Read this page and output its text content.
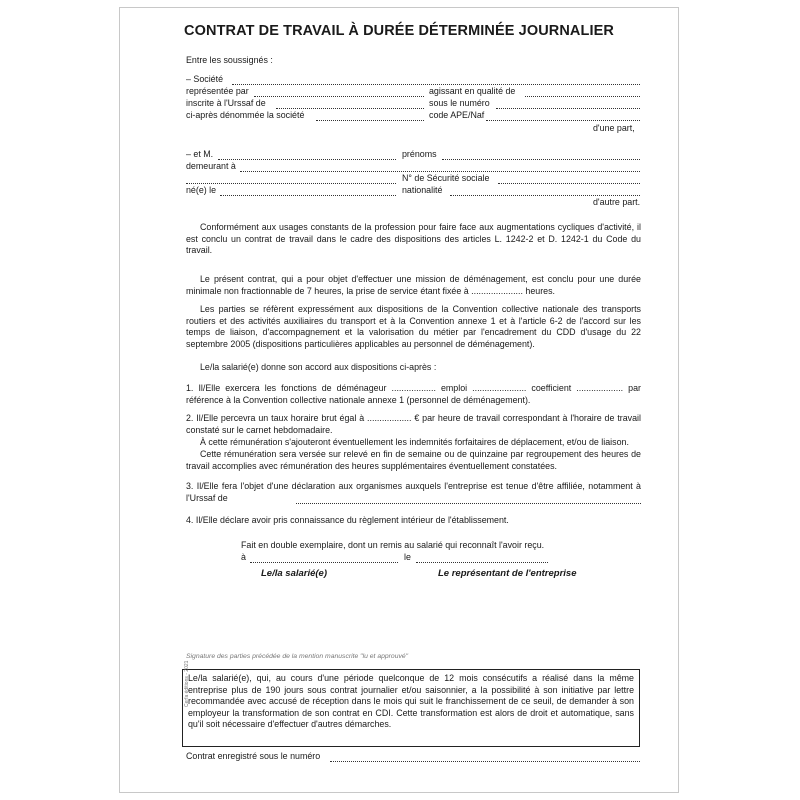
CONTRAT DE TRAVAIL À DURÉE DÉTERMINÉE JOURNALIER
Entre les soussignés :
– Société
représentée par	agissant en qualité de
inscrite à l'Urssaf de	sous le numéro
ci-après dénommée la société	code APE/Naf
d'une part,
– et M.	prénoms
demeurant à
N° de Sécurité sociale
né(e) le	nationalité
d'autre part.
Conformément aux usages constants de la profession pour faire face aux augmentations cycliques d'activité, il est conclu un contrat de travail dans le cadre des dispositions des articles L. 1242-2 et D. 1242-1 du Code du travail.
Le présent contrat, qui a pour objet d'effectuer une mission de déménagement, est conclu pour une durée minimale non fractionnable de 7 heures, la prise de service étant fixée à ..................... heures.
Les parties se réfèrent expressément aux dispositions de la Convention collective nationale des transports routiers et des activités auxiliaires du transport et à la Convention annexe 1 et à l'article 6-2 de l'accord sur les temps de liaison, d'accompagnement et la valorisation du métier par l'encadrement du CDD d'usage du 22 septembre 2005 (dispositions particulières applicables au personnel de déménagement).
Le/la salarié(e) donne son accord aux dispositions ci-après :
1. Il/Elle exercera les fonctions de déménageur .................. emploi ...................... coefficient ................... par référence à la Convention collective nationale annexe 1 (personnel de déménagement).
2. Il/Elle percevra un taux horaire brut égal à .................. € par heure de travail correspondant à l'horaire de travail constaté sur le carnet hebdomadaire.
À cette rémunération s'ajouteront éventuellement les indemnités forfaitaires de déplacement, et/ou de liaison.
Cette rémunération sera versée sur relevé en fin de semaine ou de quinzaine par regroupement des heures de travail accomplies avec rémunération des heures supplémentaires éventuellement constatées.
3. Il/Elle fera l'objet d'une déclaration aux organismes auxquels l'entreprise est tenue d'être affiliée, notamment à l'Urssaf de
4. Il/Elle déclare avoir pris connaissance du règlement intérieur de l'établissement.
Fait en double exemplaire, dont un remis au salarié qui reconnaît l'avoir reçu.
à	le
Le/la salarié(e)	Le représentant de l'entreprise
Signature des parties précédée de la mention manuscrite "lu et approuvé"
Le/la salarié(e), qui, au cours d'une période quelconque de 12 mois consécutifs a réalisé dans la même entreprise plus de 190 jours sous contrat journalier et/ou saisonnier, a la possibilité à son initiative par lettre recommandée avec accusé de réception dans le mois qui suit le franchissement de ce seuil, de demander à son employeur la transformation de son contrat en CDI. Cette transformation est alors de droit et automatique, sans qu'il soit nécessaire d'effectuer d'autres démarches.
Cerfa éditions - 2021
Contrat enregistré sous le numéro
